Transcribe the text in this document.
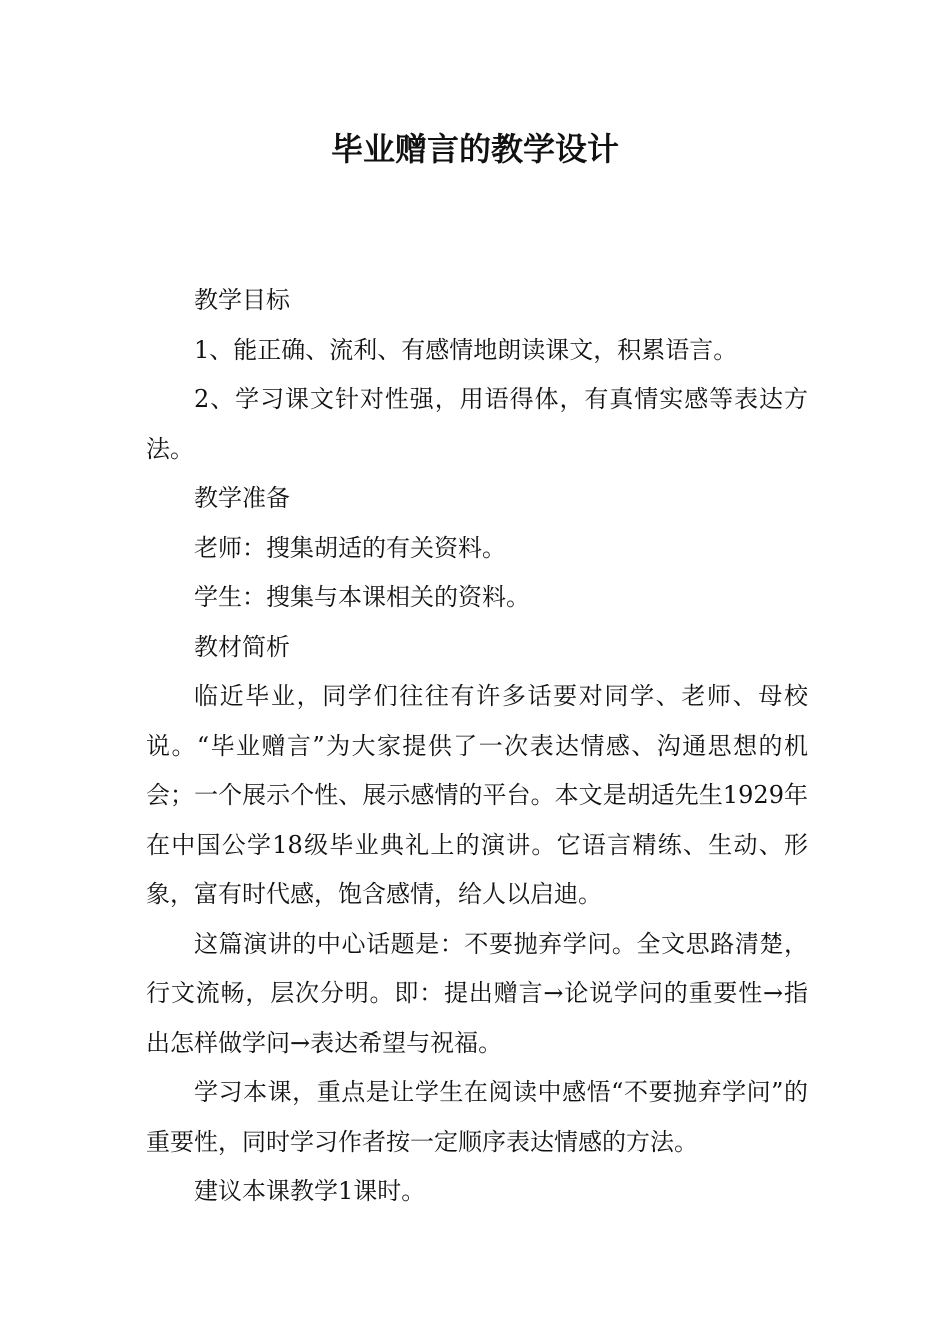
毕业赠言的教学设计

教学目标

1、能正确、流利、有感情地朗读课文，积累语言。

2、学习课文针对性强，用语得体，有真情实感等表达方法。

教学准备

老师：搜集胡适的有关资料。

学生：搜集与本课相关的资料。

教材简析

临近毕业，同学们往往有许多话要对同学、老师、母校说。“毕业赠言”为大家提供了一次表达情感、沟通思想的机会；一个展示个性、展示感情的平台。本文是胡适先生1929年在中国公学18级毕业典礼上的演讲。它语言精练、生动、形象，富有时代感，饱含感情，给人以启迪。

这篇演讲的中心话题是：不要抛弃学问。全文思路清楚，行文流畅，层次分明。即：提出赠言→论说学问的重要性→指出怎样做学问→表达希望与祝福。

学习本课，重点是让学生在阅读中感悟“不要抛弃学问”的重要性，同时学习作者按一定顺序表达情感的方法。

建议本课教学1课时。
